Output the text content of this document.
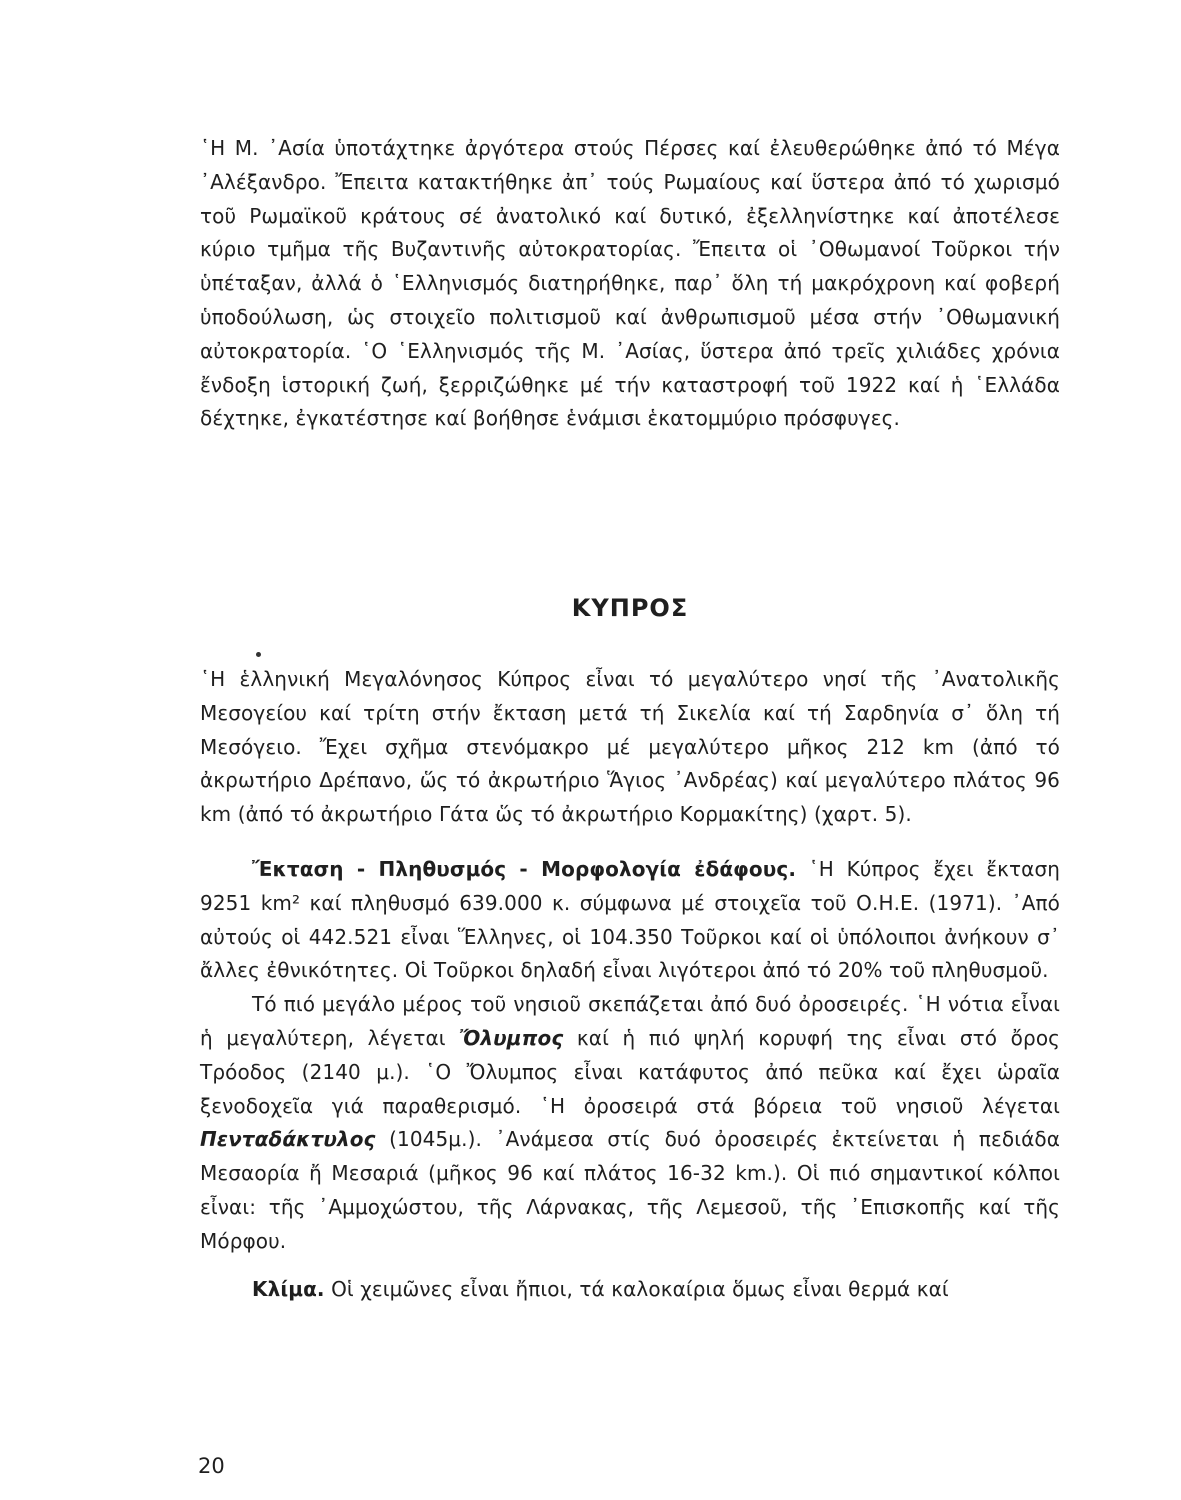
῾Η Μ. ᾿Ασία ὑποτάχτηκε ἀργότερα στούς Πέρσες καί ἐλευθερώθηκε ἀπό τό Μέγα ᾿Αλέξανδρο. Ἔπειτα κατακτήθηκε ἀπ᾿ τούς Ρωμαίους καί ὕστερα ἀπό τό χωρισμό τοῦ Ρωμαϊκοῦ κράτους σέ ἀνατολικό καί δυτικό, ἐξελληνίστηκε καί ἀποτέλεσε κύριο τμῆμα τῆς Βυζαντινῆς αὐτοκρατορίας. Ἔπειτα οἱ ᾿Οθωμανοί Τοῦρκοι τήν ὑπέταξαν, ἀλλά ὁ ῾Ελληνισμός διατηρήθηκε, παρ᾿ ὅλη τή μακρόχρονη καί φοβερή ὑποδούλωση, ὡς στοιχεῖο πολιτισμοῦ καί ἀνθρωπισμοῦ μέσα στήν ᾿Οθωμανική αὐτοκρατορία. ῾Ο ῾Ελληνισμός τῆς Μ. ᾿Ασίας, ὕστερα ἀπό τρεῖς χιλιάδες χρόνια ἔνδοξη ἱστορική ζωή, ξερριζώθηκε μέ τήν καταστροφή τοῦ 1922 καί ἡ ῾Ελλάδα δέχτηκε, ἐγκατέστησε καί βοήθησε ἑνάμισι ἑκατομμύριο πρόσφυγες.

ΚΥΠΡΟΣ

῾Η ἑλληνική Μεγαλόνησος Κύπρος εἶναι τό μεγαλύτερο νησί τῆς ᾿Ανατολικῆς Μεσογείου καί τρίτη στήν ἔκταση μετά τή Σικελία καί τή Σαρδηνία σ᾿ ὅλη τή Μεσόγειο. Ἔχει σχῆμα στενόμακρο μέ μεγαλύτερο μῆκος 212 km (ἀπό τό ἀκρωτήριο Δρέπανο, ὥς τό ἀκρωτήριο Ἅγιος ᾿Ανδρέας) καί μεγαλύτερο πλάτος 96 km (ἀπό τό ἀκρωτήριο Γάτα ὥς τό ἀκρωτήριο Κορμακίτης) (χαρτ. 5).

Ἔκταση - Πληθυσμός - Μορφολογία ἐδάφους. ῾Η Κύπρος ἔχει ἔκταση 9251 km² καί πληθυσμό 639.000 κ. σύμφωνα μέ στοιχεῖα τοῦ Ο.Η.Ε. (1971). ᾿Από αὐτούς οἱ 442.521 εἶναι Ἕλληνες, οἱ 104.350 Τοῦρκοι καί οἱ ὑπόλοιποι ἀνήκουν σ᾿ ἄλλες ἐθνικότητες. Οἱ Τοῦρκοι δηλαδή εἶναι λιγότεροι ἀπό τό 20% τοῦ πληθυσμοῦ.

Τό πιό μεγάλο μέρος τοῦ νησιοῦ σκεπάζεται ἀπό δυό ὀροσειρές. ῾Η νότια εἶναι ἡ μεγαλύτερη, λέγεται Ὄλυμπος καί ἡ πιό ψηλή κορυφή της εἶναι στό ὄρος Τρόοδος (2140 μ.). ῾Ο Ὄλυμπος εἶναι κατάφυτος ἀπό πεῦκα καί ἔχει ὡραῖα ξενοδοχεῖα γιά παραθερισμό. ῾Η ὀροσειρά στά βόρεια τοῦ νησιοῦ λέγεται Πενταδάκτυλος (1045μ.). ᾿Ανάμεσα στίς δυό ὀροσειρές ἐκτείνεται ἡ πεδιάδα Μεσαορία ἤ Μεσαριά (μῆκος 96 καί πλάτος 16-32 km.). Οἱ πιό σημαντικοί κόλποι εἶναι: τῆς ᾿Αμμοχώστου, τῆς Λάρνακας, τῆς Λεμεσοῦ, τῆς ᾿Επισκοπῆς καί τῆς Μόρφου.

Κλίμα. Οἱ χειμῶνες εἶναι ἤπιοι, τά καλοκαίρια ὅμως εἶναι θερμά καί

20
